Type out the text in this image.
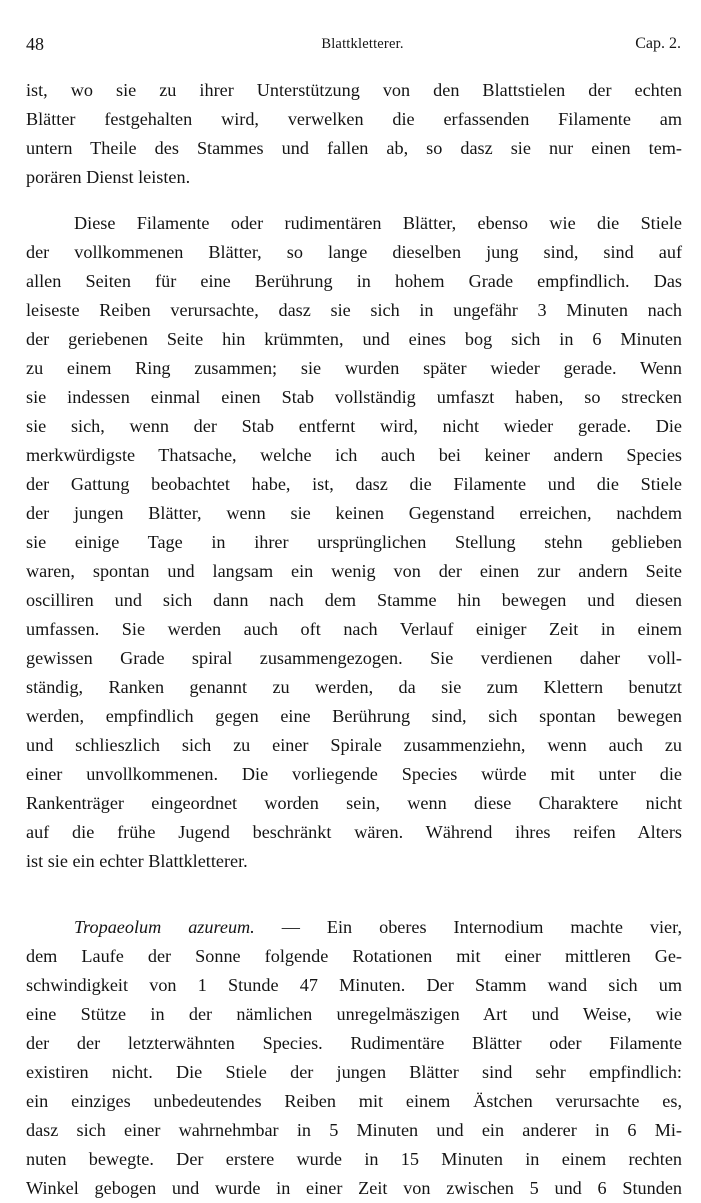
48	Blattkletterer.	Cap. 2.
ist, wo sie zu ihrer Unterstützung von den Blattstielen der echten
Blätter festgehalten wird, verwelken die erfassenden Filamente am
untern Theile des Stammes und fallen ab, so dasz sie nur einen tem-
porären Dienst leisten.
Diese Filamente oder rudimentären Blätter, ebenso wie die Stiele
der vollkommenen Blätter, so lange dieselben jung sind, sind auf
allen Seiten für eine Berührung in hohem Grade empfindlich. Das
leiseste Reiben verursachte, dasz sie sich in ungefähr 3 Minuten nach
der geriebenen Seite hin krümmten, und eines bog sich in 6 Minuten
zu einem Ring zusammen; sie wurden später wieder gerade. Wenn
sie indessen einmal einen Stab vollständig umfaszt haben, so strecken
sie sich, wenn der Stab entfernt wird, nicht wieder gerade. Die
merkwürdigste Thatsache, welche ich auch bei keiner andern Species
der Gattung beobachtet habe, ist, dasz die Filamente und die Stiele
der jungen Blätter, wenn sie keinen Gegenstand erreichen, nachdem
sie einige Tage in ihrer ursprünglichen Stellung stehn geblieben
waren, spontan und langsam ein wenig von der einen zur andern Seite
oscilliren und sich dann nach dem Stamme hin bewegen und diesen
umfassen. Sie werden auch oft nach Verlauf einiger Zeit in einem
gewissen Grade spiral zusammengezogen. Sie verdienen daher voll-
ständig, Ranken genannt zu werden, da sie zum Klettern benutzt
werden, empfindlich gegen eine Berührung sind, sich spontan bewegen
und schlieszlich sich zu einer Spirale zusammenziehn, wenn auch zu
einer unvollkommenen. Die vorliegende Species würde mit unter die
Rankenträger eingeordnet worden sein, wenn diese Charaktere nicht
auf die frühe Jugend beschränkt wären. Während ihres reifen Alters
ist sie ein echter Blattkletterer.
Tropaeolum azureum. — Ein oberes Internodium machte vier,
dem Laufe der Sonne folgende Rotationen mit einer mittleren Ge-
schwindigkeit von 1 Stunde 47 Minuten. Der Stamm wand sich um
eine Stütze in der nämlichen unregelmäszigen Art und Weise, wie
der der letzterwähnten Species. Rudimentäre Blätter oder Filamente
existiren nicht. Die Stiele der jungen Blätter sind sehr empfindlich:
ein einziges unbedeutendes Reiben mit einem Ästchen verursachte es,
dasz sich einer wahrnehmbar in 5 Minuten und ein anderer in 6 Mi-
nuten bewegte. Der erstere wurde in 15 Minuten in einem rechten
Winkel gebogen und wurde in einer Zeit von zwischen 5 und 6 Stunden
